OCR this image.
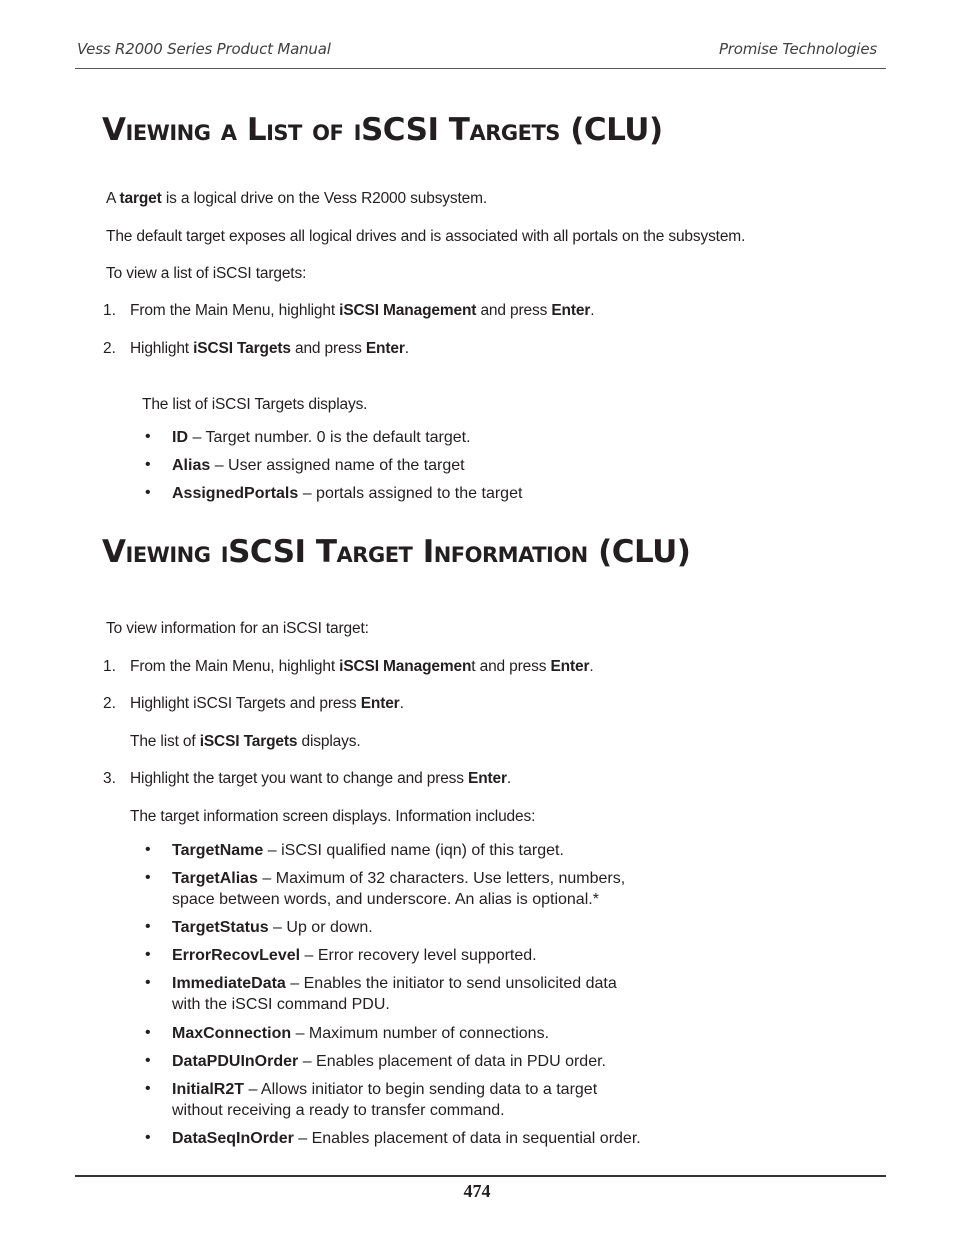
Vess R2000 Series Product Manual	Promise Technologies
VIEWING A LIST OF ISCSI TARGETS (CLU)
A target is a logical drive on the Vess R2000 subsystem.
The default target exposes all logical drives and is associated with all portals on the subsystem.
To view a list of iSCSI targets:
1. From the Main Menu, highlight iSCSI Management and press Enter.
2. Highlight iSCSI Targets and press Enter.
The list of iSCSI Targets displays.
• ID – Target number. 0 is the default target.
• Alias – User assigned name of the target
• AssignedPortals – portals assigned to the target
VIEWING ISCSI TARGET INFORMATION (CLU)
To view information for an iSCSI target:
1. From the Main Menu, highlight iSCSI Management and press Enter.
2. Highlight iSCSI Targets and press Enter.
The list of iSCSI Targets displays.
3. Highlight the target you want to change and press Enter.
The target information screen displays. Information includes:
• TargetName – iSCSI qualified name (iqn) of this target.
• TargetAlias – Maximum of 32 characters. Use letters, numbers, space between words, and underscore. An alias is optional.*
• TargetStatus – Up or down.
• ErrorRecovLevel – Error recovery level supported.
• ImmediateData – Enables the initiator to send unsolicited data with the iSCSI command PDU.
• MaxConnection – Maximum number of connections.
• DataPDUInOrder – Enables placement of data in PDU order.
• InitialR2T – Allows initiator to begin sending data to a target without receiving a ready to transfer command.
• DataSeqInOrder – Enables placement of data in sequential order.
474
